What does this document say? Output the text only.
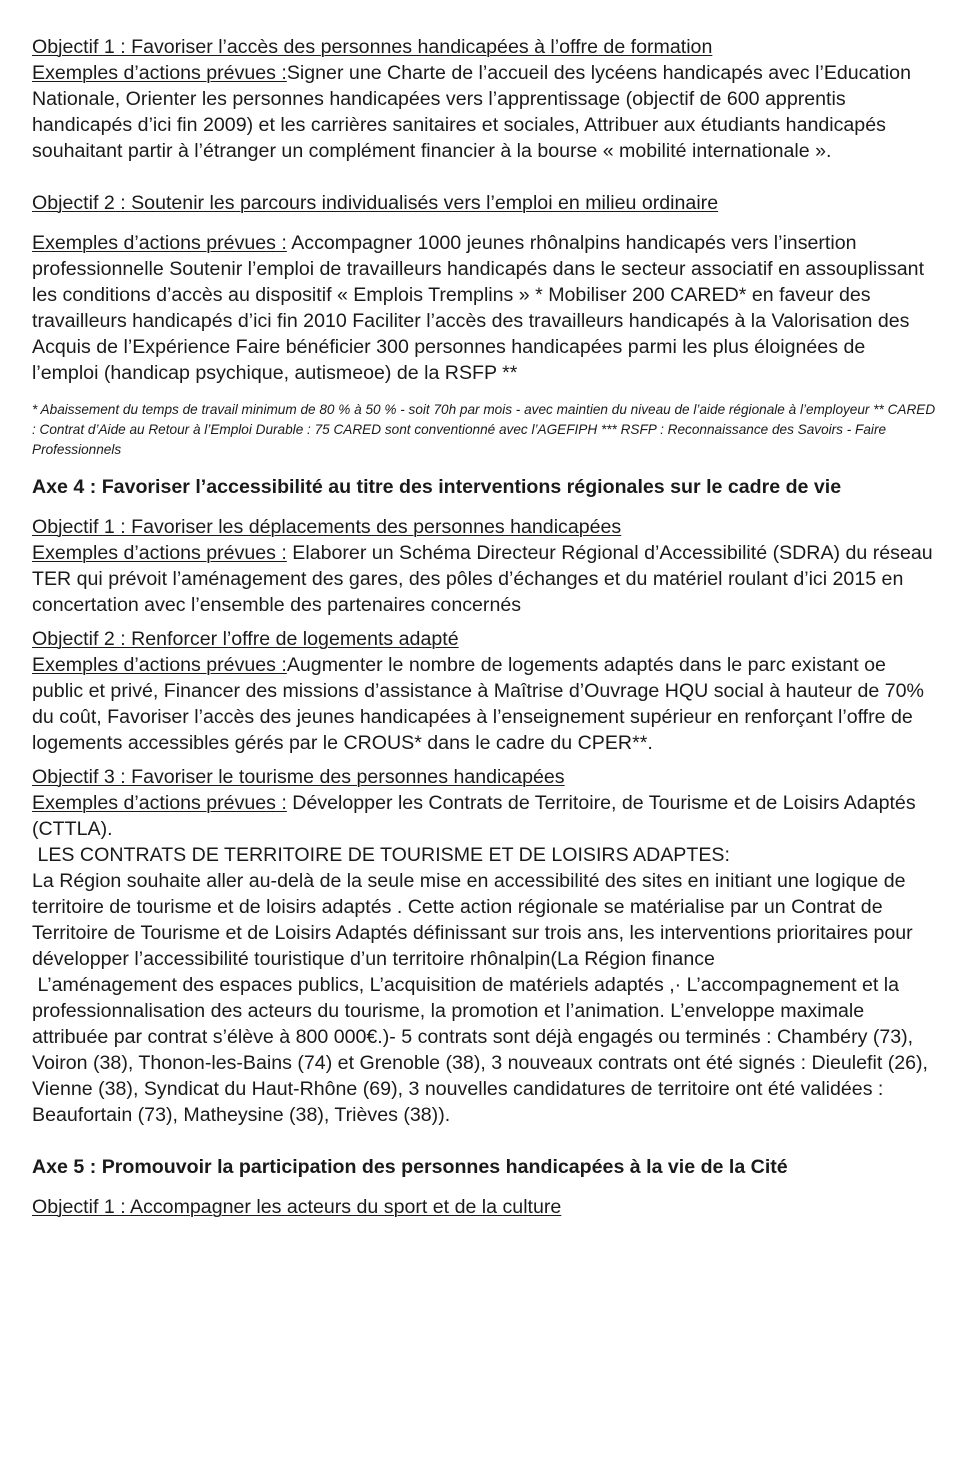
Objectif 1 : Favoriser l’accès des personnes handicapées à l’offre de formation

Exemples d’actions prévues :Signer une Charte de l’accueil des lycéens handicapés avec l’Education Nationale, Orienter les personnes handicapées vers l’apprentissage (objectif de 600 apprentis handicapés d’ici fin 2009) et les carrières sanitaires et sociales, Attribuer aux étudiants handicapés souhaitant partir à l’étranger un complément financier à la bourse « mobilité internationale ».

Objectif 2 : Soutenir les parcours individualisés vers l’emploi en milieu ordinaire

Exemples d’actions prévues : Accompagner 1000 jeunes rhônalpins handicapés vers l’insertion professionnelle Soutenir l’emploi de travailleurs handicapés dans le secteur associatif en assouplissant les conditions d’accès au dispositif « Emplois Tremplins » * Mobiliser 200 CARED* en faveur des travailleurs handicapés d’ici fin 2010 Faciliter l’accès des travailleurs handicapés à la Valorisation des Acquis de l’Expérience Faire bénéficier 300 personnes handicapées parmi les plus éloignées de l’emploi (handicap psychique, autismeoe) de la RSFP **

* Abaissement du temps de travail minimum de 80 % à 50 % - soit 70h par mois - avec maintien du niveau de l’aide régionale à l’employeur ** CARED : Contrat d’Aide au Retour à l’Emploi Durable : 75 CARED sont conventionné avec l’AGEFIPH *** RSFP : Reconnaissance des Savoirs - Faire Professionnels

Axe 4 : Favoriser l’accessibilité au titre des interventions régionales sur le cadre de vie

Objectif 1 : Favoriser les déplacements des personnes handicapées

Exemples d’actions prévues : Elaborer un Schéma Directeur Régional d’Accessibilité (SDRA) du réseau TER qui prévoit l’aménagement des gares, des pôles d’échanges et du matériel roulant d’ici 2015 en concertation avec l’ensemble des partenaires concernés

Objectif 2 : Renforcer l’offre de logements adapté

Exemples d’actions prévues :Augmenter le nombre de logements adaptés dans le parc existant oe public et privé, Financer des missions d’assistance à Maîtrise d’Ouvrage HQU social à hauteur de 70% du coût, Favoriser l’accès des jeunes handicapées à l’enseignement supérieur en renforçant l’offre de logements accessibles gérés par le CROUS* dans le cadre du CPER**.

Objectif 3 : Favoriser le tourisme des personnes handicapées

Exemples d’actions prévues : Développer les Contrats de Territoire, de Tourisme et de Loisirs Adaptés (CTTLA).

LES CONTRATS DE TERRITOIRE DE TOURISME ET DE LOISIRS ADAPTES:

La Région souhaite aller au-delà de la seule mise en accessibilité des sites en initiant une logique de territoire de tourisme et de loisirs adaptés . Cette action régionale se matérialise par un Contrat de Territoire de Tourisme et de Loisirs Adaptés définissant sur trois ans, les interventions prioritaires pour développer l’accessibilité touristique d’un territoire rhônalpin(La Région finance

L’aménagement des espaces publics, L’acquisition de matériels adaptés ,· L’accompagnement et la professionnalisation des acteurs du tourisme, la promotion et l’animation. L’enveloppe maximale attribuée par contrat s’élève à 800 000€.)- 5 contrats sont déjà engagés ou terminés : Chambéry (73), Voiron (38), Thonon-les-Bains (74) et Grenoble (38), 3 nouveaux contrats ont été signés : Dieulefit (26), Vienne (38), Syndicat du Haut-Rhône (69), 3 nouvelles candidatures de territoire ont été validées : Beaufortain (73), Matheysine (38), Trièves (38)).

Axe 5 : Promouvoir la participation des personnes handicapées à la vie de la Cité

Objectif 1 : Accompagner les acteurs du sport et de la culture
